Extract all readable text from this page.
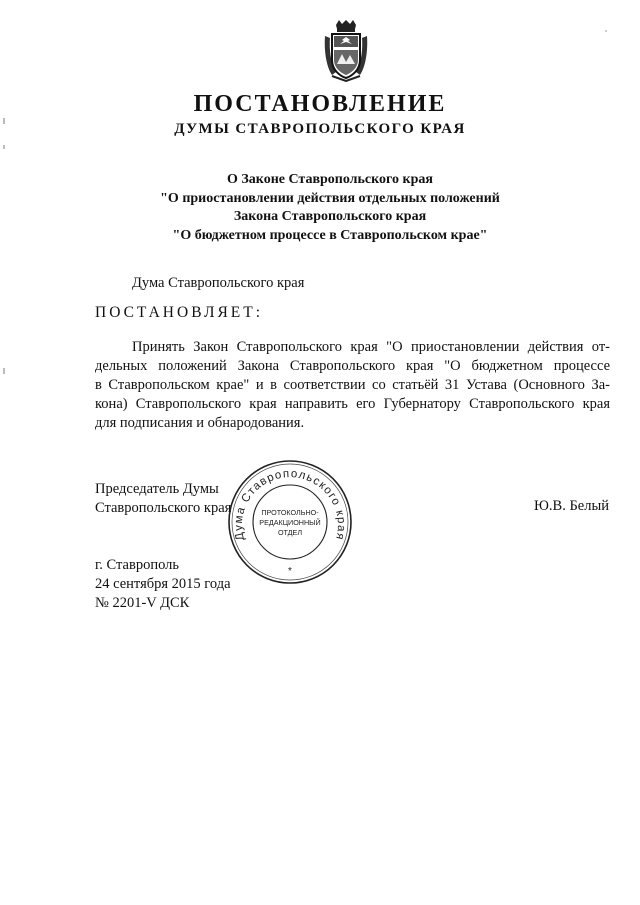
ПОСТАНОВЛЕНИЕ
ДУМЫ СТАВРОПОЛЬСКОГО КРАЯ
О Законе Ставропольского края
"О приостановлении действия отдельных положений
Закона Ставропольского края
"О бюджетном процессе в Ставропольском крае"
Дума Ставропольского края
ПОСТАНОВЛЯЕТ:
Принять Закон Ставропольского края "О приостановлении действия от-
дельных положений Закона Ставропольского края "О бюджетном процессе
в Ставропольском крае" и в соответствии со статьёй 31 Устава (Основного За-
кона) Ставропольского края направить его Губернатору Ставропольского края
для подписания и обнародования.
Председатель Думы
Ставропольского края
Дума Ставропольского края
ПРОТОКОЛЬНО-
РЕДАКЦИОННЫЙ
ОТДЕЛ
*
Ю.В. Белый
г. Ставрополь
24 сентября 2015 года
№ 2201-V ДСК
